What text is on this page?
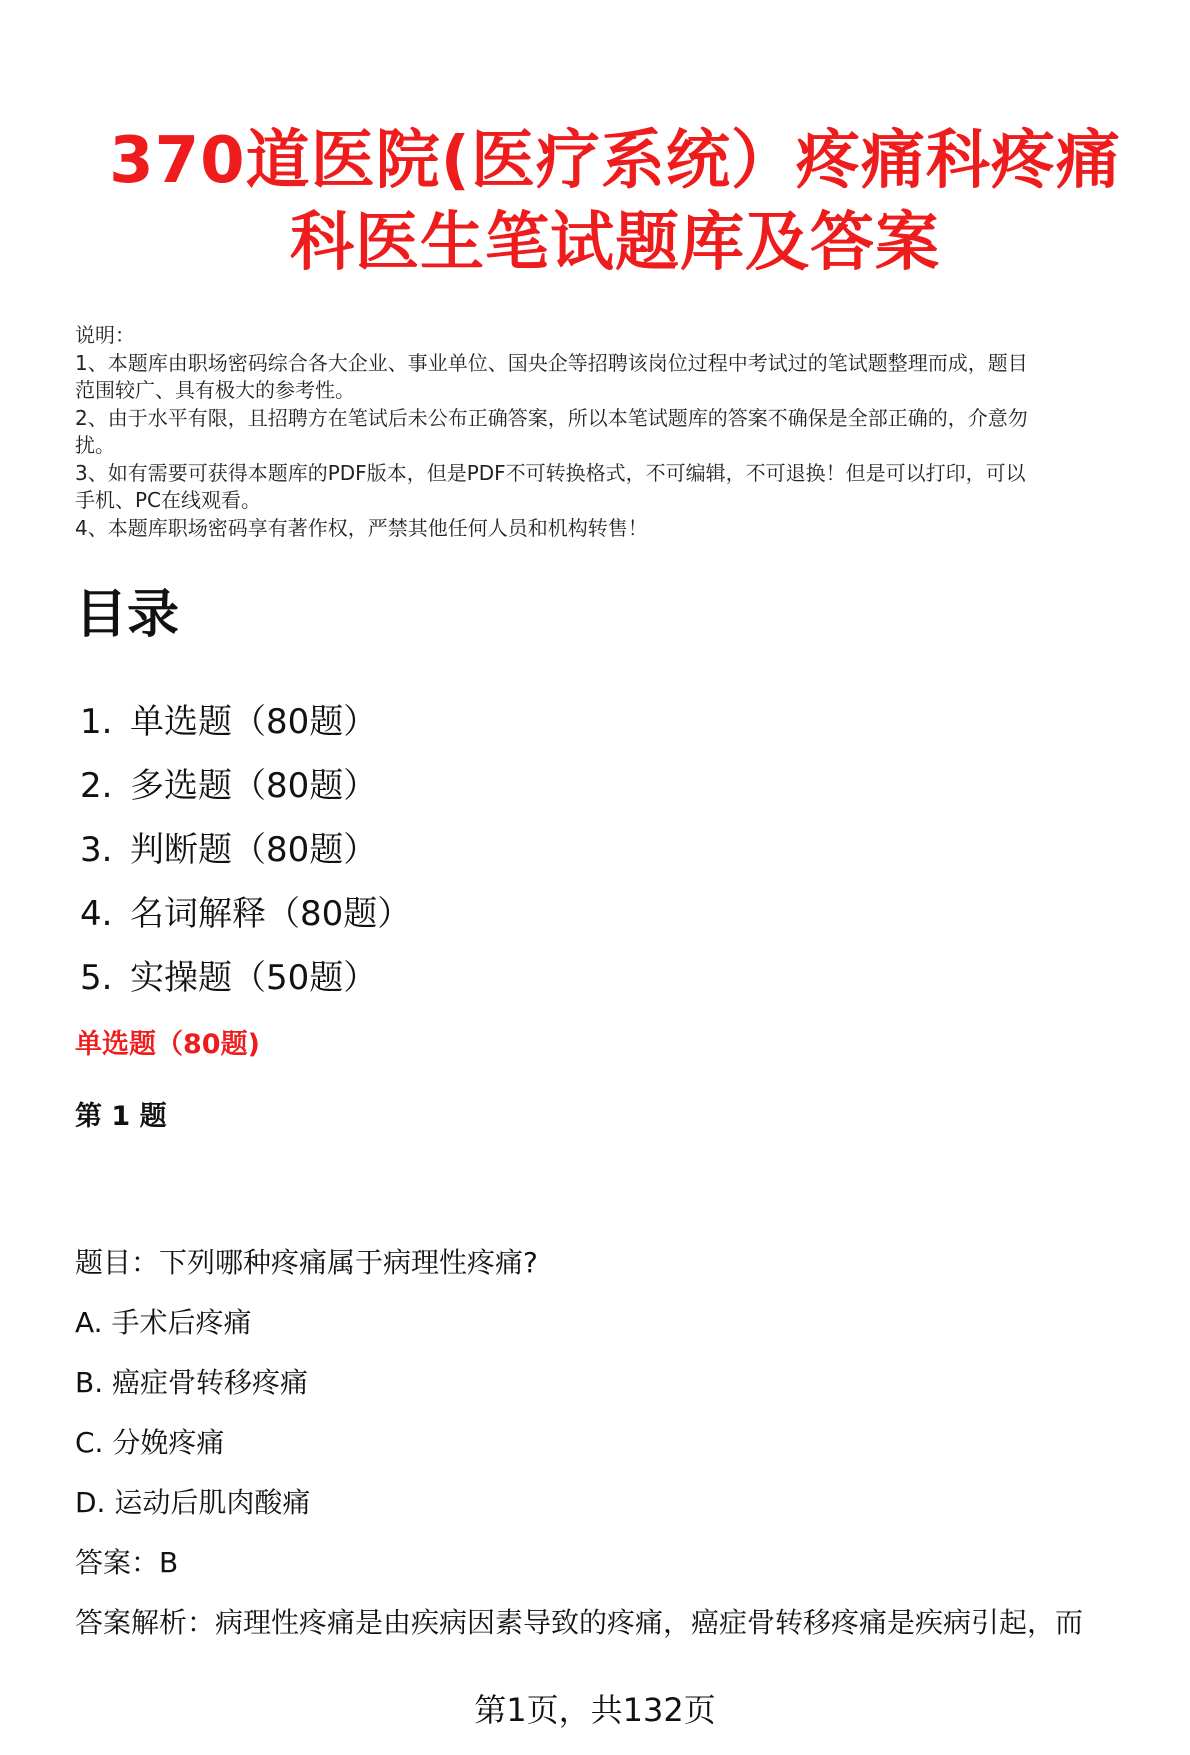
370道医院(医疗系统）疼痛科疼痛
科医生笔试题库及答案
说明：
1、本题库由职场密码综合各大企业、事业单位、国央企等招聘该岗位过程中考试过的笔试题整理而成，题目
范围较广、具有极大的参考性。
2、由于水平有限，且招聘方在笔试后未公布正确答案，所以本笔试题库的答案不确保是全部正确的，介意勿
扰。
3、如有需要可获得本题库的PDF版本，但是PDF不可转换格式，不可编辑，不可退换！但是可以打印，可以
手机、PC在线观看。
4、本题库职场密码享有著作权，严禁其他任何人员和机构转售！
目录
1. 单选题（80题）
2. 多选题（80题）
3. 判断题（80题）
4. 名词解释（80题）
5. 实操题（50题）
单选题（80题)
第 1 题
题目：下列哪种疼痛属于病理性疼痛?
A. 手术后疼痛
B. 癌症骨转移疼痛
C. 分娩疼痛
D. 运动后肌肉酸痛
答案：B
答案解析：病理性疼痛是由疾病因素导致的疼痛，癌症骨转移疼痛是疾病引起，而
第1页，共132页
